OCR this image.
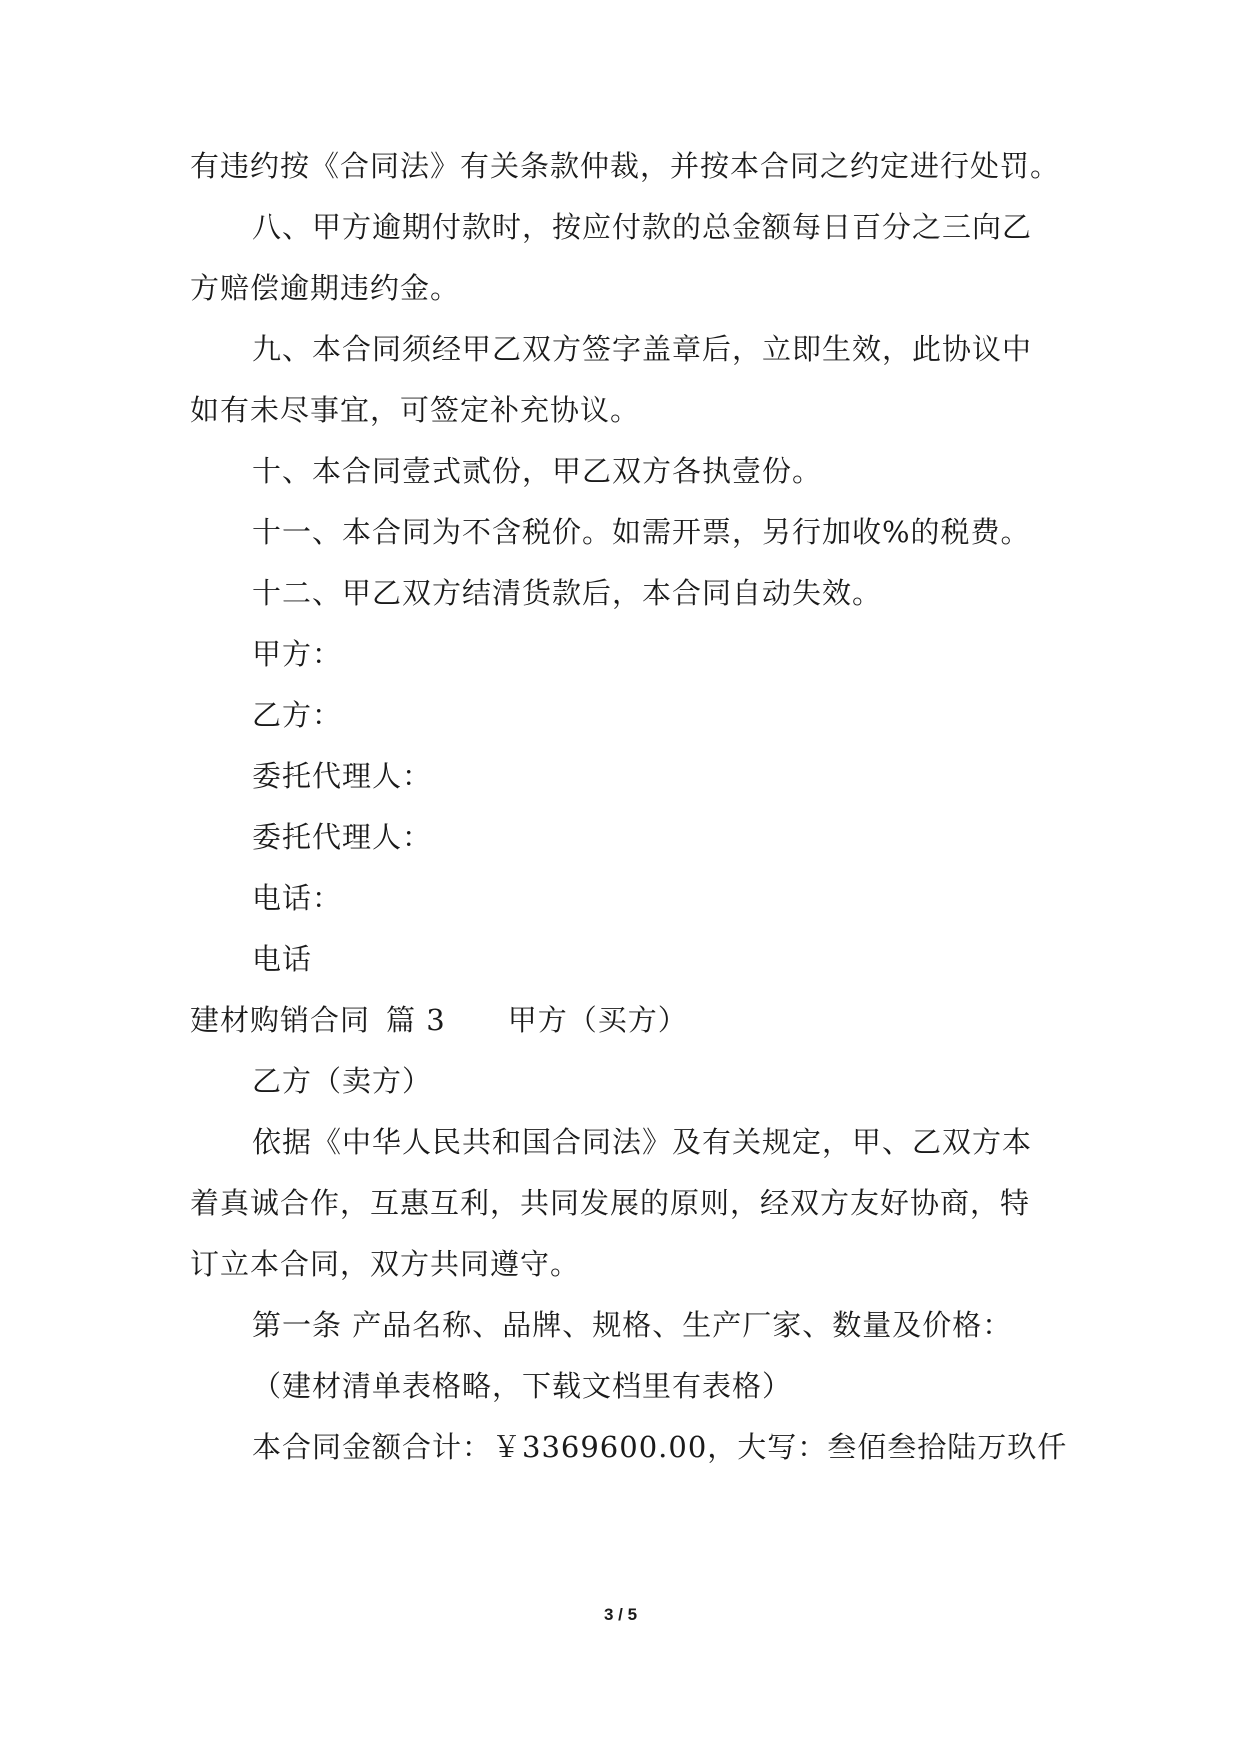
有违约按《合同法》有关条款仲裁，并按本合同之约定进行处罚。
八、甲方逾期付款时，按应付款的总金额每日百分之三向乙
方赔偿逾期违约金。
九、本合同须经甲乙双方签字盖章后，立即生效，此协议中
如有未尽事宜，可签定补充协议。
十、本合同壹式贰份，甲乙双方各执壹份。
十一、本合同为不含税价。如需开票，另行加收%的税费。
十二、甲乙双方结清货款后，本合同自动失效。
甲方：
乙方：
委托代理人：
委托代理人：
电话：
电话
建材购销合同 篇 3 甲方（买方）
乙方（卖方）
依据《中华人民共和国合同法》及有关规定，甲、乙双方本
着真诚合作，互惠互利，共同发展的原则，经双方友好协商，特
订立本合同，双方共同遵守。
第一条 产品名称、品牌、规格、生产厂家、数量及价格：
（建材清单表格略，下载文档里有表格）
本合同金额合计：￥3369600.00，大写：叁佰叁拾陆万玖仟
3 / 5
